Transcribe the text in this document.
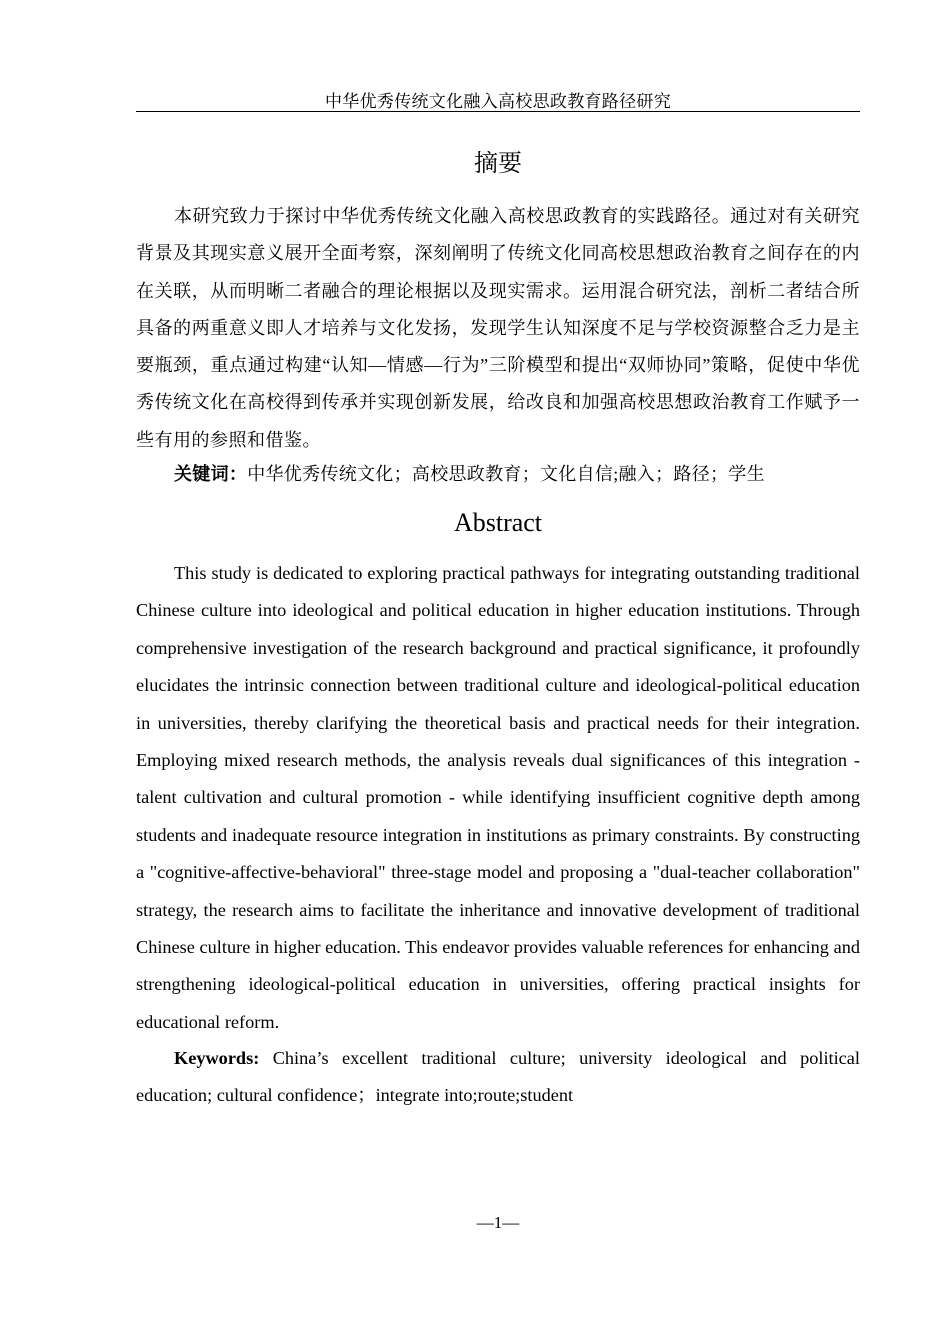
中华优秀传统文化融入高校思政教育路径研究
摘要

本研究致力于探讨中华优秀传统文化融入高校思政教育的实践路径。通过对有关研究背景及其现实意义展开全面考察，深刻阐明了传统文化同高校思想政治教育之间存在的内在关联，从而明晰二者融合的理论根据以及现实需求。运用混合研究法，剖析二者结合所具备的两重意义即人才培养与文化发扬，发现学生认知深度不足与学校资源整合乏力是主要瓶颈，重点通过构建“认知—情感—行为”三阶模型和提出“双师协同”策略，促使中华优秀传统文化在高校得到传承并实现创新发展，给改良和加强高校思想政治教育工作赋予一些有用的参照和借鉴。

关键词：中华优秀传统文化；高校思政教育；文化自信;融入；路径；学生

Abstract

This study is dedicated to exploring practical pathways for integrating outstanding traditional Chinese culture into ideological and political education in higher education institutions. Through comprehensive investigation of the research background and practical significance, it profoundly elucidates the intrinsic connection between traditional culture and ideological-political education in universities, thereby clarifying the theoretical basis and practical needs for their integration. Employing mixed research methods, the analysis reveals dual significances of this integration - talent cultivation and cultural promotion - while identifying insufficient cognitive depth among students and inadequate resource integration in institutions as primary constraints. By constructing a "cognitive-affective-behavioral" three-stage model and proposing a "dual-teacher collaboration" strategy, the research aims to facilitate the inheritance and innovative development of traditional Chinese culture in higher education. This endeavor provides valuable references for enhancing and strengthening ideological-political education in universities, offering practical insights for educational reform.

Keywords: China’s excellent traditional culture; university ideological and political education; cultural confidence；integrate into;route;student

—1—
